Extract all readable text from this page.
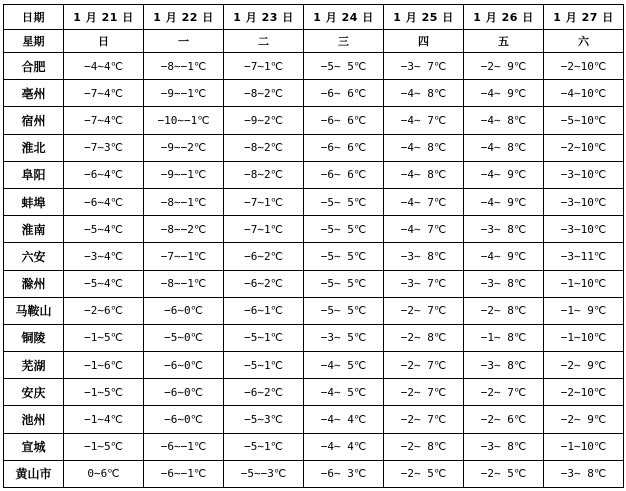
日期	1 月 21 日	1 月 22 日	1 月 23 日	1 月 24 日	1 月 25 日	1 月 26 日	1 月 27 日
星期	日	一	二	三	四	五	六
合肥	−4∼4℃	−8∼−1℃	−7∼1℃	−5∼ 5℃	−3∼ 7℃	−2∼ 9℃	−2∼10℃
亳州	−7∼4℃	−9∼−1℃	−8∼2℃	−6∼ 6℃	−4∼ 8℃	−4∼ 9℃	−4∼10℃
宿州	−7∼4℃	−10∼−1℃	−9∼2℃	−6∼ 6℃	−4∼ 7℃	−4∼ 8℃	−5∼10℃
淮北	−7∼3℃	−9∼−2℃	−8∼2℃	−6∼ 6℃	−4∼ 8℃	−4∼ 8℃	−2∼10℃
阜阳	−6∼4℃	−9∼−1℃	−8∼2℃	−6∼ 6℃	−4∼ 8℃	−4∼ 9℃	−3∼10℃
蚌埠	−6∼4℃	−8∼−1℃	−7∼1℃	−5∼ 5℃	−4∼ 7℃	−4∼ 9℃	−3∼10℃
淮南	−5∼4℃	−8∼−2℃	−7∼1℃	−5∼ 5℃	−4∼ 7℃	−3∼ 8℃	−3∼10℃
六安	−3∼4℃	−7∼−1℃	−6∼2℃	−5∼ 5℃	−3∼ 8℃	−4∼ 9℃	−3∼11℃
滁州	−5∼4℃	−8∼−1℃	−6∼2℃	−5∼ 5℃	−3∼ 7℃	−3∼ 8℃	−1∼10℃
马鞍山	−2∼6℃	−6∼0℃	−6∼1℃	−5∼ 5℃	−2∼ 7℃	−2∼ 8℃	−1∼ 9℃
铜陵	−1∼5℃	−5∼0℃	−5∼1℃	−3∼ 5℃	−2∼ 8℃	−1∼ 8℃	−1∼10℃
芜湖	−1∼6℃	−6∼0℃	−5∼1℃	−4∼ 5℃	−2∼ 7℃	−3∼ 8℃	−2∼ 9℃
安庆	−1∼5℃	−6∼0℃	−6∼2℃	−4∼ 5℃	−2∼ 7℃	−2∼ 7℃	−2∼10℃
池州	−1∼4℃	−6∼0℃	−5∼3℃	−4∼ 4℃	−2∼ 7℃	−2∼ 6℃	−2∼ 9℃
宣城	−1∼5℃	−6∼−1℃	−5∼1℃	−4∼ 4℃	−2∼ 8℃	−3∼ 8℃	−1∼10℃
黄山市	0∼6℃	−6∼−1℃	−5∼−3℃	−6∼ 3℃	−2∼ 5℃	−2∼ 5℃	−3∼ 8℃
